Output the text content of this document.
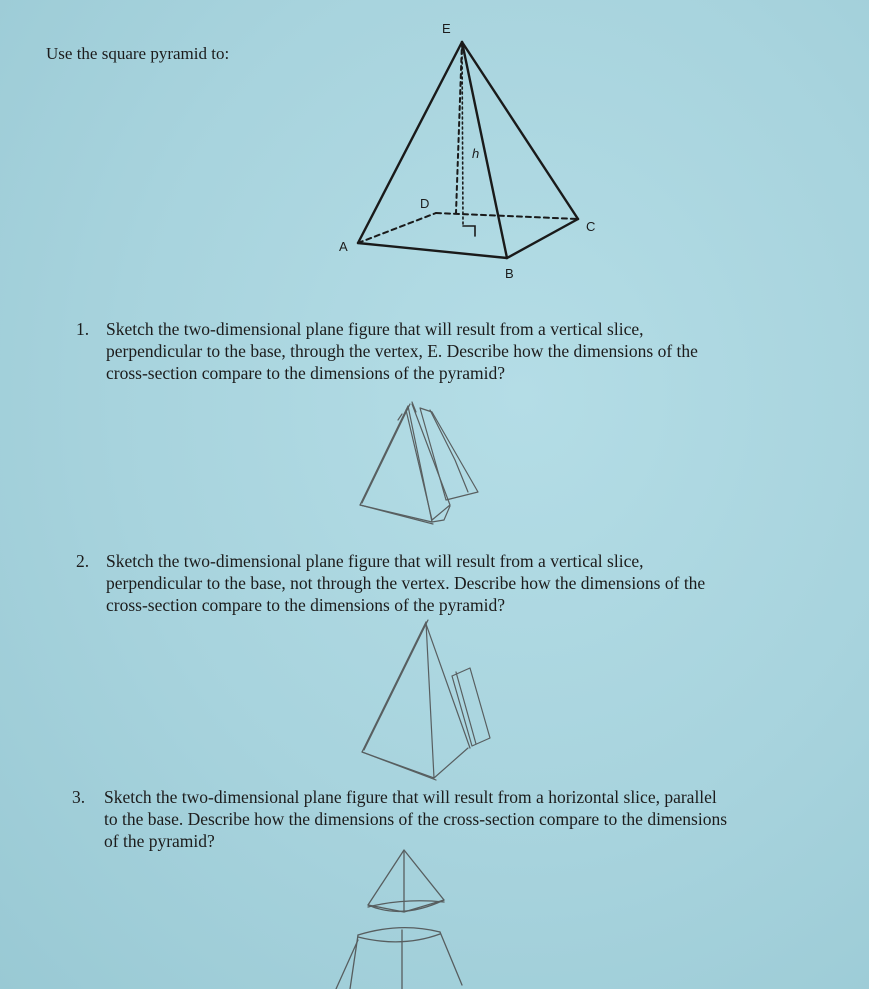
Use the square pyramid to:
E
A
B
C
D
h
1. Sketch the two-dimensional plane figure that will result from a vertical slice,
perpendicular to the base, through the vertex, E. Describe how the dimensions of the
cross-section compare to the dimensions of the pyramid?
2. Sketch the two-dimensional plane figure that will result from a vertical slice,
perpendicular to the base, not through the vertex. Describe how the dimensions of the
cross-section compare to the dimensions of the pyramid?
3. Sketch the two-dimensional plane figure that will result from a horizontal slice, parallel
to the base. Describe how the dimensions of the cross-section compare to the dimensions
of the pyramid?
